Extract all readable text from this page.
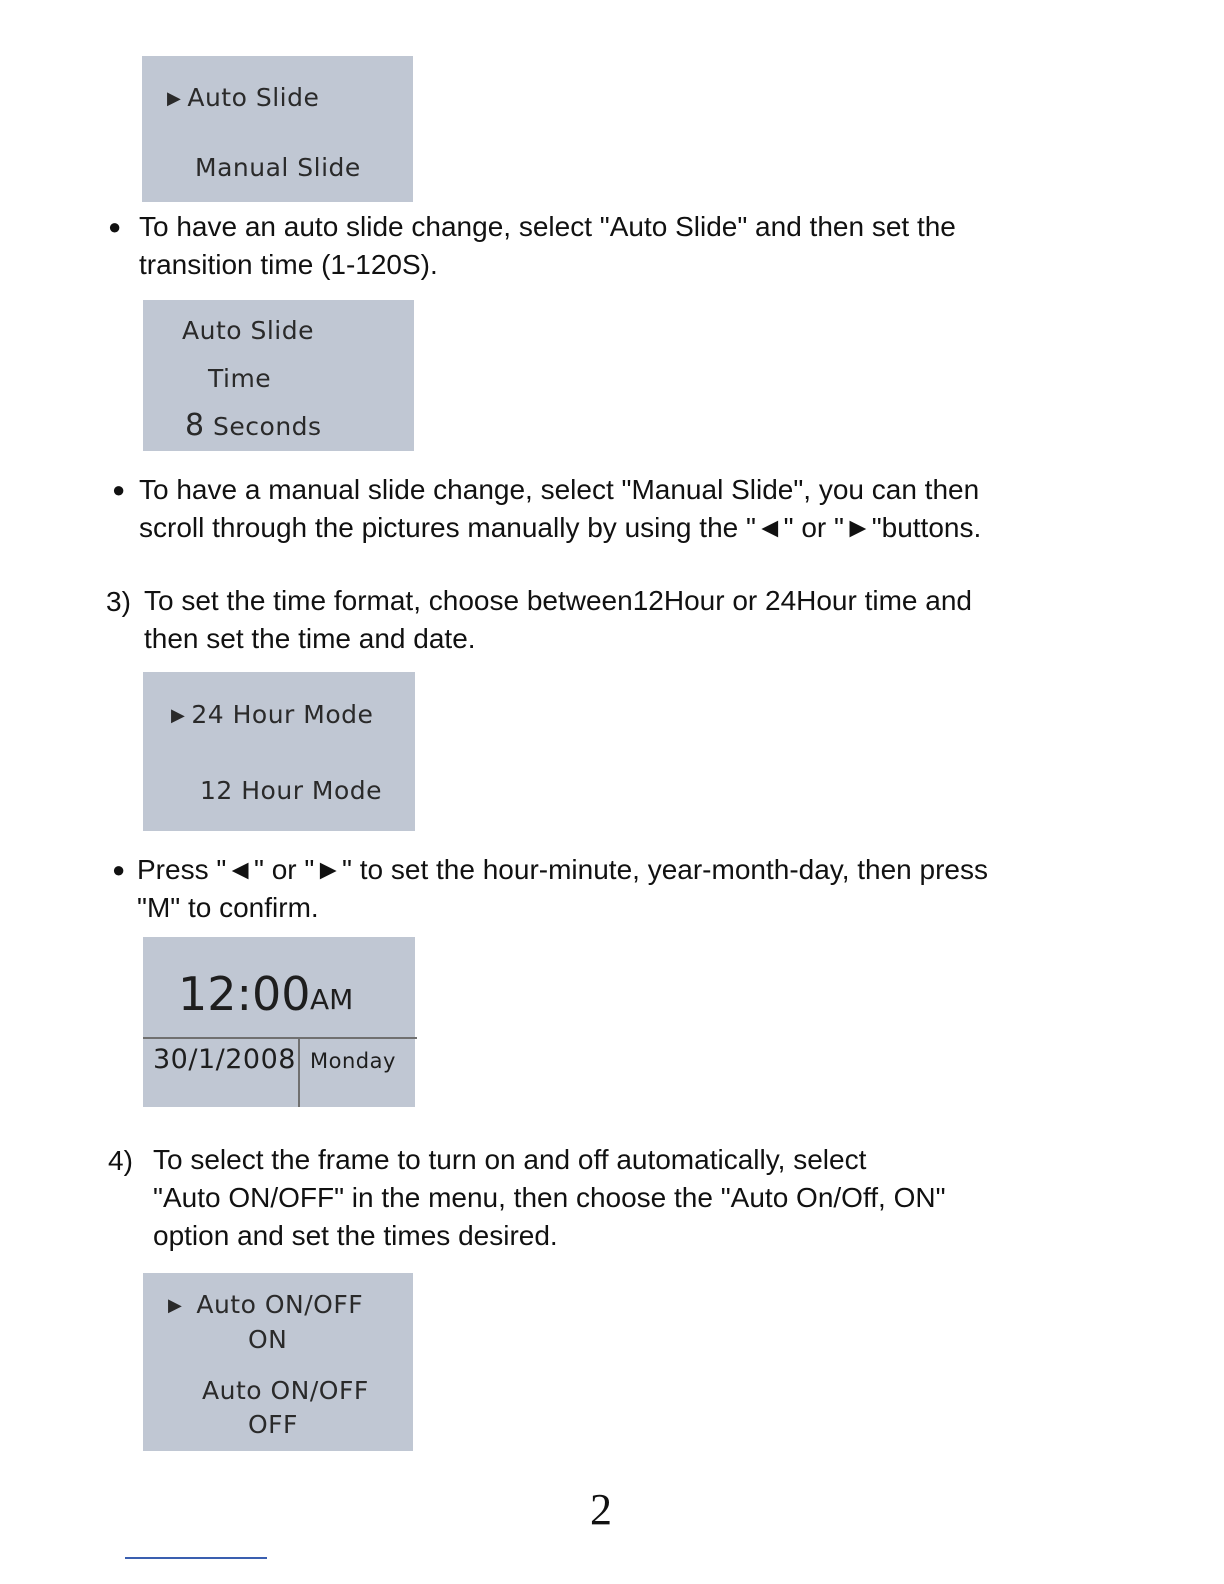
▶ Auto Slide
Manual Slide
● To have an auto slide change, select "Auto Slide" and then set the
transition time (1-120S).
Auto Slide
Time
8 Seconds
● To have a manual slide change, select "Manual Slide", you can then
scroll through the pictures manually by using the "◄" or "►"buttons.
3) To set the time format, choose between12Hour or 24Hour time and
then set the time and date.
▶ 24 Hour Mode
12 Hour Mode
● Press "◄" or "►" to set the hour-minute, year-month-day, then press
"M" to confirm.
12:00 AM
30/1/2008 Monday
4) To select the frame to turn on and off automatically, select
"Auto ON/OFF" in the menu, then choose the "Auto On/Off, ON"
option and set the times desired.
▶ Auto ON/OFF
ON
Auto ON/OFF
OFF
2
